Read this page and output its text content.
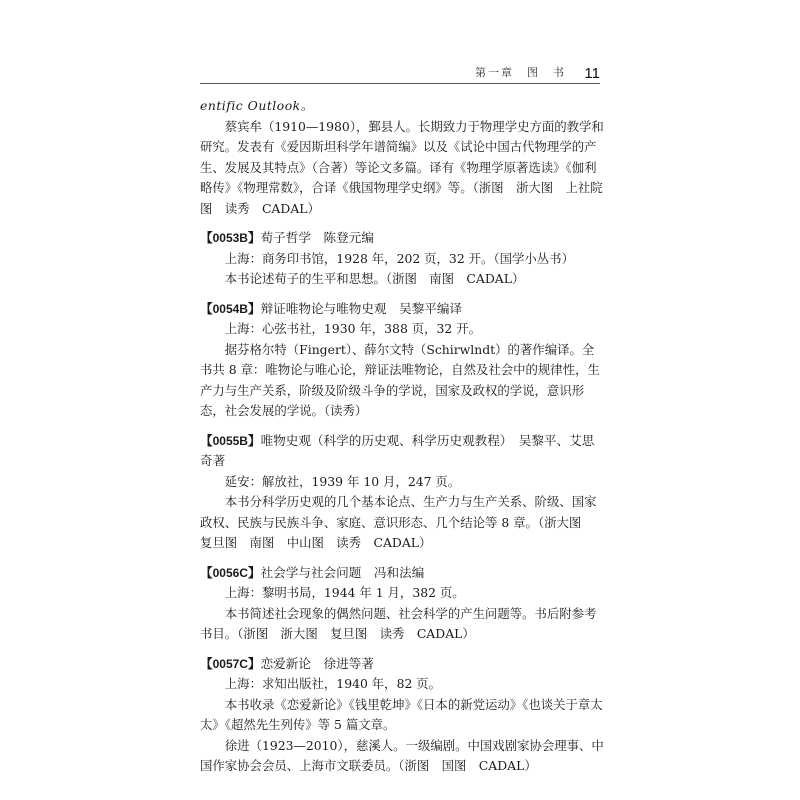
第一章　图　书 11

entific Outlook。

蔡宾牟（1910—1980），鄞县人。长期致力于物理学史方面的教学和研究。发表有《爱因斯坦科学年谱简编》以及《试论中国古代物理学的产生、发展及其特点》（合著）等论文多篇。译有《物理学原著选读》《伽利略传》《物理常数》，合译《俄国物理学史纲》等。（浙图　浙大图　上社院图　读秀　CADAL）

【0053B】荀子哲学　陈登元编

上海：商务印书馆，1928 年，202 页，32 开。（国学小丛书）

本书论述荀子的生平和思想。（浙图　南图　CADAL）

【0054B】辩证唯物论与唯物史观　吴黎平编译

上海：心弦书社，1930 年，388 页，32 开。

据芬格尔特（Fingert）、薛尔文特（Schirwlndt）的著作编译。全书共 8 章：唯物论与唯心论，辩证法唯物论，自然及社会中的规律性，生产力与生产关系，阶级及阶级斗争的学说，国家及政权的学说，意识形态，社会发展的学说。（读秀）

【0055B】唯物史观（科学的历史观、科学历史观教程）　吴黎平、艾思奇著

延安：解放社，1939 年 10 月，247 页。

本书分科学历史观的几个基本论点、生产力与生产关系、阶级、国家政权、民族与民族斗争、家庭、意识形态、几个结论等 8 章。（浙大图　复旦图　南图　中山图　读秀　CADAL）

【0056C】社会学与社会问题　冯和法编

上海：黎明书局，1944 年 1 月，382 页。

本书简述社会现象的偶然问题、社会科学的产生问题等。书后附参考书目。（浙图　浙大图　复旦图　读秀　CADAL）

【0057C】恋爱新论　徐进等著

上海：求知出版社，1940 年，82 页。

本书收录《恋爱新论》《钱里乾坤》《日本的新党运动》《也谈关于章太太》《超然先生列传》等 5 篇文章。

徐进（1923—2010），慈溪人。一级编剧。中国戏剧家协会理事、中国作家协会会员、上海市文联委员。（浙图　国图　CADAL）
